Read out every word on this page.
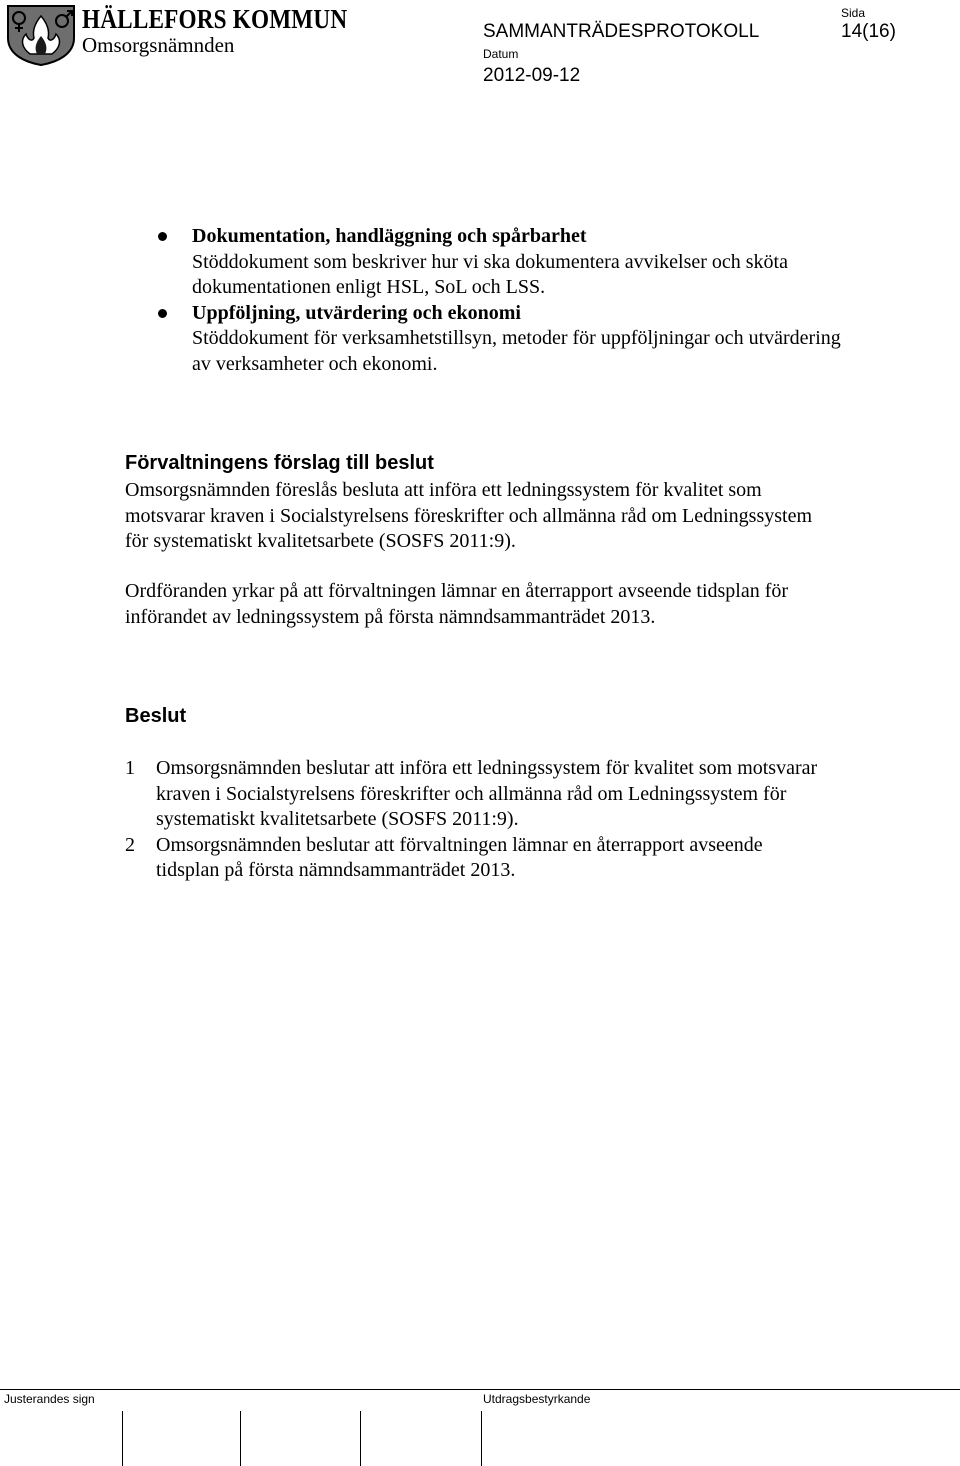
HÄLLEFORS KOMMUN
Omsorgsnämnden
SAMMANTRÄDESPROTOKOLL
Sida
14(16)
Datum
2012-09-12
Dokumentation, handläggning och spårbarhet
Stöddokument som beskriver hur vi ska dokumentera avvikelser och sköta dokumentationen enligt HSL, SoL och LSS.
Uppföljning, utvärdering och ekonomi
Stöddokument för verksamhetstillsyn, metoder för uppföljningar och utvärdering av verksamheter och ekonomi.
Förvaltningens förslag till beslut

Omsorgsnämnden föreslås besluta att införa ett ledningssystem för kvalitet som motsvarar kraven i Socialstyrelsens föreskrifter och allmänna råd om Ledningssystem för systematiskt kvalitetsarbete (SOSFS 2011:9).

Ordföranden yrkar på att förvaltningen lämnar en återrapport avseende tidsplan för införandet av ledningssystem på första nämndsammanträdet 2013.

Beslut
1 Omsorgsnämnden beslutar att införa ett ledningssystem för kvalitet som motsvarar kraven i Socialstyrelsens föreskrifter och allmänna råd om Ledningssystem för systematiskt kvalitetsarbete (SOSFS 2011:9).
2 Omsorgsnämnden beslutar att förvaltningen lämnar en återrapport avseende tidsplan på första nämndsammanträdet 2013.
Justerandes sign	Utdragsbestyrkande
